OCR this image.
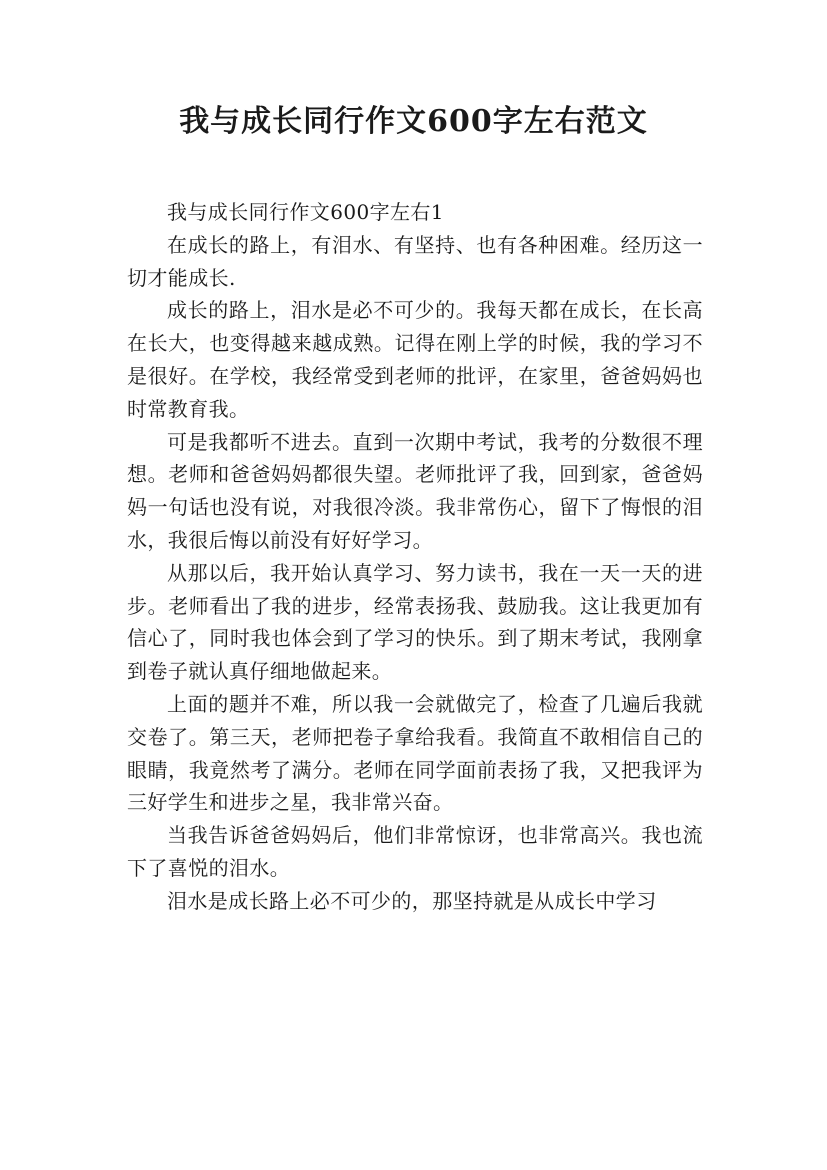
我与成长同行作文600字左右范文

我与成长同行作文600字左右1

在成长的路上，有泪水、有坚持、也有各种困难。经历这一切才能成长.

成长的路上，泪水是必不可少的。我每天都在成长，在长高在长大，也变得越来越成熟。记得在刚上学的时候，我的学习不是很好。在学校，我经常受到老师的批评，在家里，爸爸妈妈也时常教育我。

可是我都听不进去。直到一次期中考试，我考的分数很不理想。老师和爸爸妈妈都很失望。老师批评了我，回到家，爸爸妈妈一句话也没有说，对我很冷淡。我非常伤心，留下了悔恨的泪水，我很后悔以前没有好好学习。

从那以后，我开始认真学习、努力读书，我在一天一天的进步。老师看出了我的进步，经常表扬我、鼓励我。这让我更加有信心了，同时我也体会到了学习的快乐。到了期末考试，我刚拿到卷子就认真仔细地做起来。

上面的题并不难，所以我一会就做完了，检查了几遍后我就交卷了。第三天，老师把卷子拿给我看。我简直不敢相信自己的眼睛，我竟然考了满分。老师在同学面前表扬了我，又把我评为三好学生和进步之星，我非常兴奋。

当我告诉爸爸妈妈后，他们非常惊讶，也非常高兴。我也流下了喜悦的泪水。

泪水是成长路上必不可少的，那坚持就是从成长中学习
